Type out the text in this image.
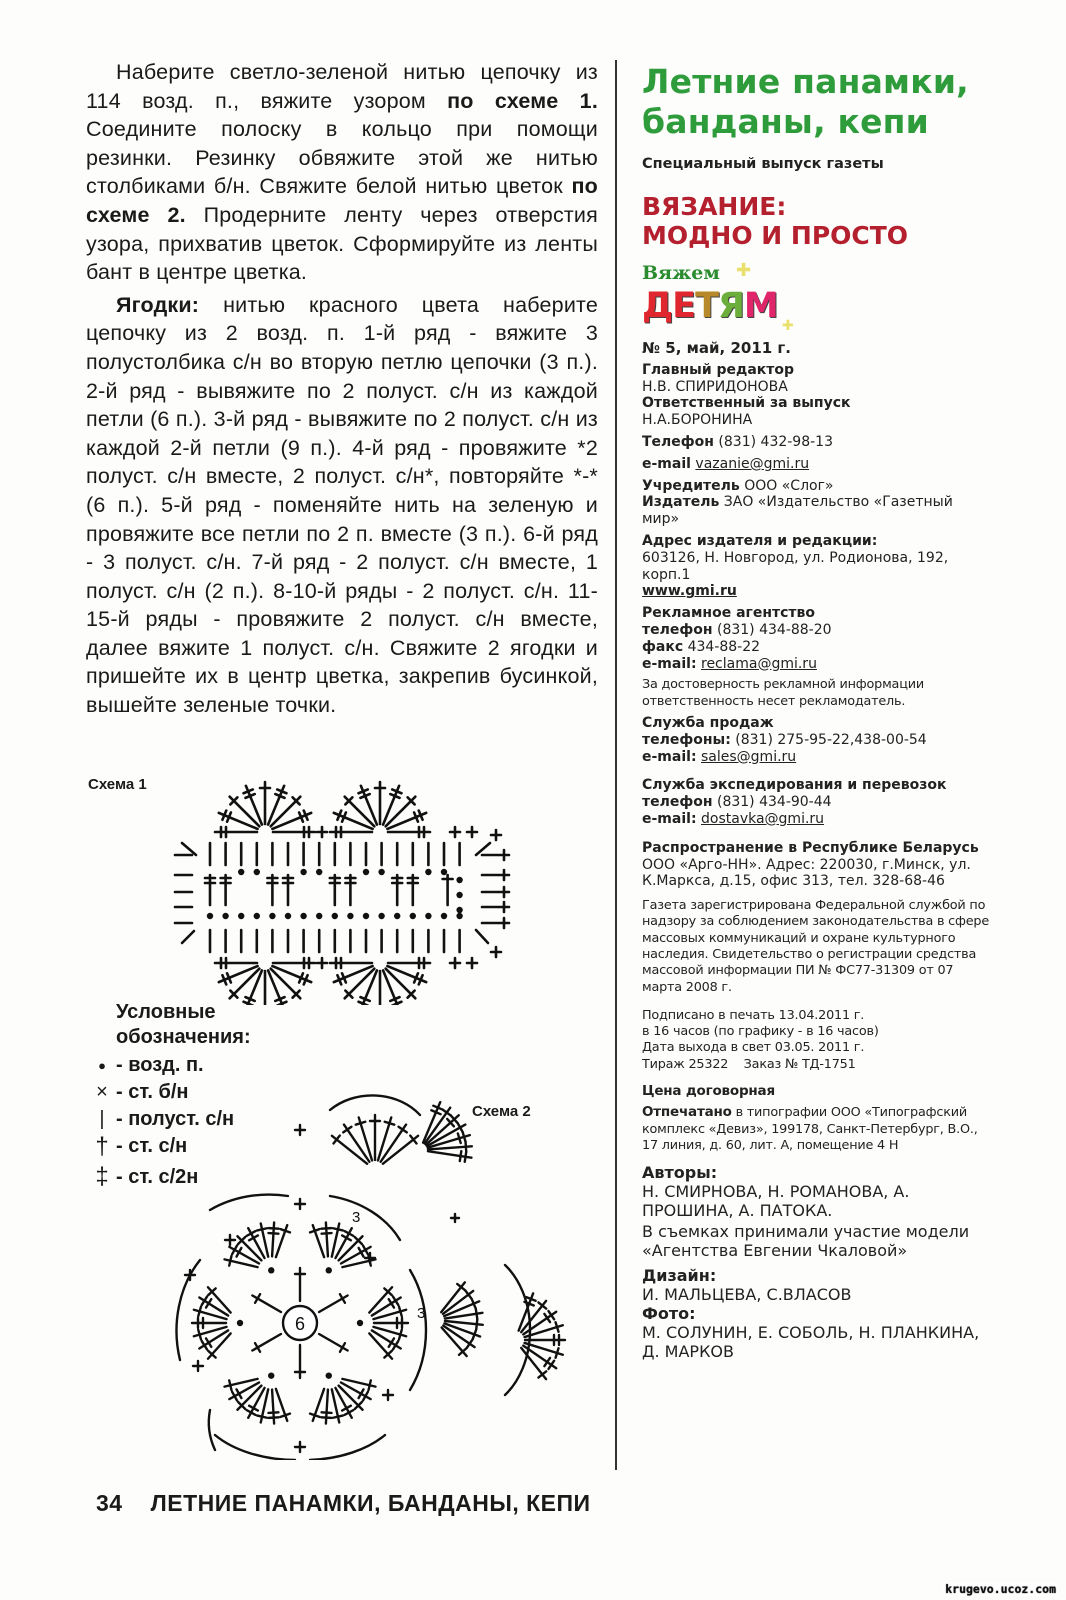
Наберите светло-зеленой нитью цепочку из 114 возд. п., вяжите узором по схеме 1. Соедините полоску в кольцо при помощи резинки. Резинку обвяжите этой же нитью столбиками б/н. Свяжите белой нитью цветок по схеме 2. Продерните ленту через отверстия узора, прихватив цветок. Сформируйте из ленты бант в центре цветка.

Ягодки: нитью красного цвета наберите цепочку из 2 возд. п. 1-й ряд - вяжите 3 полустолбика с/н во вторую петлю цепочки (3 п.). 2-й ряд - вывяжите по 2 полуст. с/н из каждой петли (6 п.). 3-й ряд - вывяжите по 2 полуст. с/н из каждой 2-й петли (9 п.). 4-й ряд - провяжите *2 полуст. с/н вместе, 2 полуст. с/н*, повторяйте *-* (6 п.). 5-й ряд - поменяйте нить на зеленую и провяжите все петли по 2 п. вместе (3 п.). 6-й ряд - 3 полуст. с/н. 7-й ряд - 2 полуст. с/н вместе, 1 полуст. с/н (2 п.). 8-10-й ряды - 2 полуст. с/н. 11-15-й ряды - провяжите 2 полуст. с/н вместе, далее вяжите 1 полуст. с/н. Свяжите 2 ягодки и пришейте их в центр цветка, закрепив бусинкой, вышейте зеленые точки.

Схема 1
Условные
обозначения:
● - возд. п.
× - ст. б/н
| - полуст. с/н
† - ст. с/н
‡ - ст. с/2н
Схема 2
6
3
3
Летние панамки,
банданы, кепи
Специальный выпуск газеты
ВЯЗАНИЕ:
МОДНО И ПРОСТО
Вяжем ✚
ДЕТЯМ ✚
№ 5, май, 2011 г.
Главный редактор
Н.В. СПИРИДОНОВА
Ответственный за выпуск
Н.А.БОРОНИНА
Телефон (831) 432-98-13
e-mail vazanie@gmi.ru
Учредитель ООО «Слог»
Издатель ЗАО «Издательство «Газетный мир»
Адрес издателя и редакции:
603126, Н. Новгород, ул. Родионова, 192, корп.1
www.gmi.ru
Рекламное агентство
телефон (831) 434-88-20
факс 434-88-22
e-mail: reclama@gmi.ru
За достоверность рекламной информации ответственность несет рекламодатель.
Служба продаж
телефоны: (831) 275-95-22,438-00-54
e-mail: sales@gmi.ru
Служба экспедирования и перевозок
телефон (831) 434-90-44
e-mail: dostavka@gmi.ru
Распространение в Республике Беларусь
ООО «Арго-НН». Адрес: 220030, г.Минск, ул. К.Маркса, д.15, офис 313, тел. 328-68-46
Газета зарегистрирована Федеральной службой по надзору за соблюдением законодательства в сфере массовых коммуникаций и охране культурного наследия. Свидетельство о регистрации средства массовой информации ПИ № ФС77-31309 от 07 марта 2008 г.
Подписано в печать 13.04.2011 г.
в 16 часов (по графику - в 16 часов)
Дата выхода в свет 03.05. 2011 г.
Тираж 25322    Заказ № ТД-1751
Цена договорная
Отпечатано в типографии ООО «Типографский комплекс «Девиз», 199178, Санкт-Петербург, В.О., 17 линия, д. 60, лит. А, помещение 4 Н
Авторы:
Н. СМИРНОВА, Н. РОМАНОВА, А. ПРОШИНА, А. ПАТОКА.
В съемках принимали участие модели «Агентства Евгении Чкаловой»
Дизайн:
И. МАЛЬЦЕВА, С.ВЛАСОВ
Фото:
М. СОЛУНИН, Е. СОБОЛЬ, Н. ПЛАНКИНА, Д. МАРКОВ
34 ЛЕТНИЕ ПАНАМКИ, БАНДАНЫ, КЕПИ
krugevo.ucoz.com
